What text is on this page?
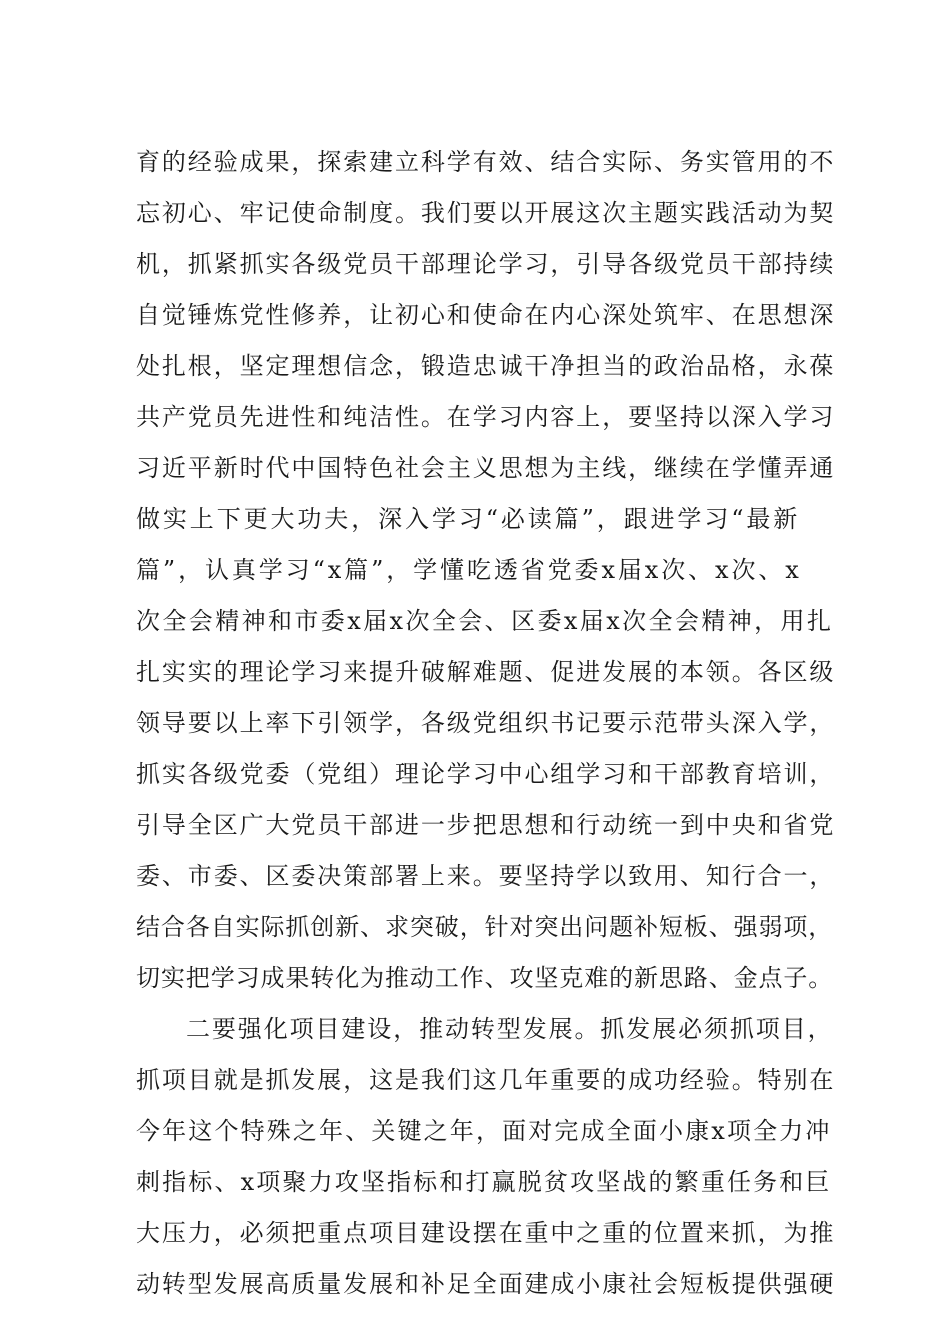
育的经验成果，探索建立科学有效、结合实际、务实管用的不
忘初心、牢记使命制度。我们要以开展这次主题实践活动为契
机，抓紧抓实各级党员干部理论学习，引导各级党员干部持续
自觉锤炼党性修养，让初心和使命在内心深处筑牢、在思想深
处扎根，坚定理想信念，锻造忠诚干净担当的政治品格，永葆
共产党员先进性和纯洁性。在学习内容上，要坚持以深入学习
习近平新时代中国特色社会主义思想为主线，继续在学懂弄通
做实上下更大功夫，深入学习“必读篇”，跟进学习“最新
篇”，认真学习“x篇”，学懂吃透省党委x届x次、x次、x
次全会精神和市委x届x次全会、区委x届x次全会精神，用扎
扎实实的理论学习来提升破解难题、促进发展的本领。各区级
领导要以上率下引领学，各级党组织书记要示范带头深入学，
抓实各级党委（党组）理论学习中心组学习和干部教育培训，
引导全区广大党员干部进一步把思想和行动统一到中央和省党
委、市委、区委决策部署上来。要坚持学以致用、知行合一，
结合各自实际抓创新、求突破，针对突出问题补短板、强弱项，
切实把学习成果转化为推动工作、攻坚克难的新思路、金点子。
二要强化项目建设，推动转型发展。抓发展必须抓项目，
抓项目就是抓发展，这是我们这几年重要的成功经验。特别在
今年这个特殊之年、关键之年，面对完成全面小康x项全力冲
刺指标、x项聚力攻坚指标和打赢脱贫攻坚战的繁重任务和巨
大压力，必须把重点项目建设摆在重中之重的位置来抓，为推
动转型发展高质量发展和补足全面建成小康社会短板提供强硬
